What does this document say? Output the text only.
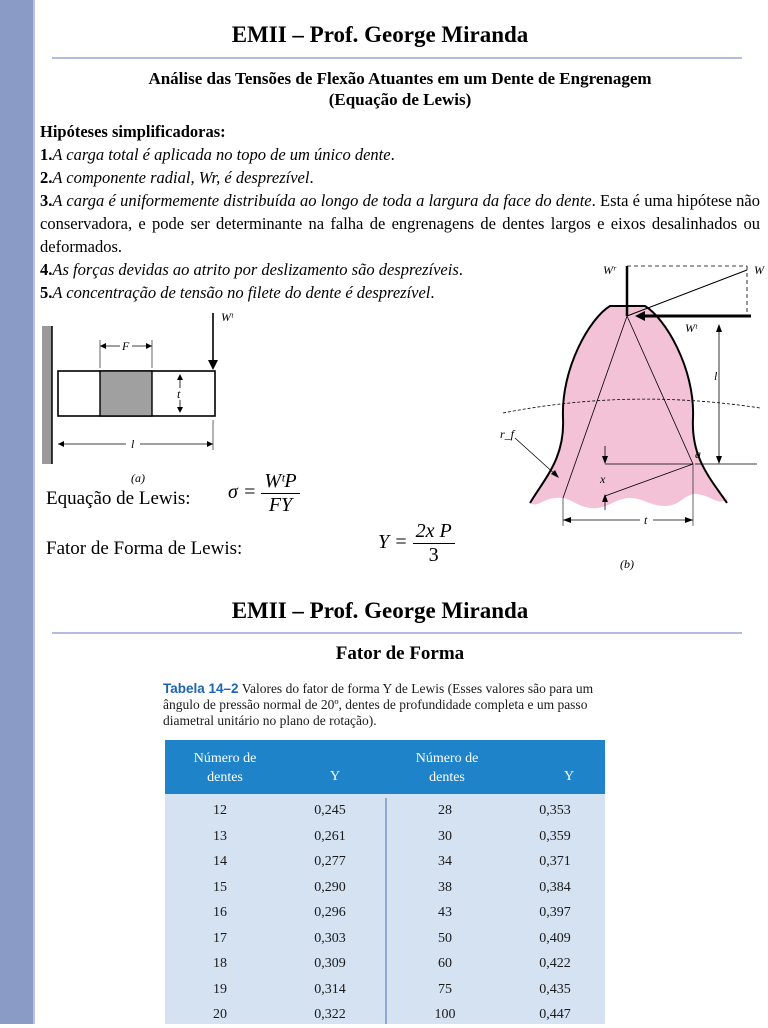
EMII – Prof. George Miranda
Análise das Tensões de Flexão Atuantes em um Dente de Engrenagem
(Equação de Lewis)

Hipóteses simplificadoras:

1.A carga total é aplicada no topo de um único dente.

2.A componente radial, Wr, é desprezível.

3.A carga é uniformemente distribuída ao longo de toda a largura da face do dente. Esta é uma hipótese não conservadora, e pode ser determinante na falha de engrenagens de dentes largos e eixos desalinhados ou deformados.

4.As forças devidas ao atrito por deslizamento são desprezíveis.

5.A concentração de tensão no filete do dente é desprezível.

Wᵗ
F
t
l
(a)
Wʳ	W
Wᵗ
l
x
a
r_f
t
(b)
Equação de Lewis: $\sigma = \frac{\text{WᵗP}}{FY}$
Fator de Forma de Lewis:	$Y = \frac{\text{2x P}}{3}$
EMII – Prof. George Miranda
Fator de Forma
Tabela 14–2 Valores do fator de forma Y de Lewis (Esses valores são para um ângulo de pressão normal de 20º, dentes de profundidade completa e um passo diametral unitário no plano de rotação).
Número de dentes	Y
Número de dentes	Y
12	0,245	28	0,353
13	0,261	30	0,359
14	0,277	34	0,371
15	0,290	38	0,384
16	0,296	43	0,397
17	0,303	50	0,409
18	0,309	60	0,422
19	0,314	75	0,435
20	0,322	100	0,447
